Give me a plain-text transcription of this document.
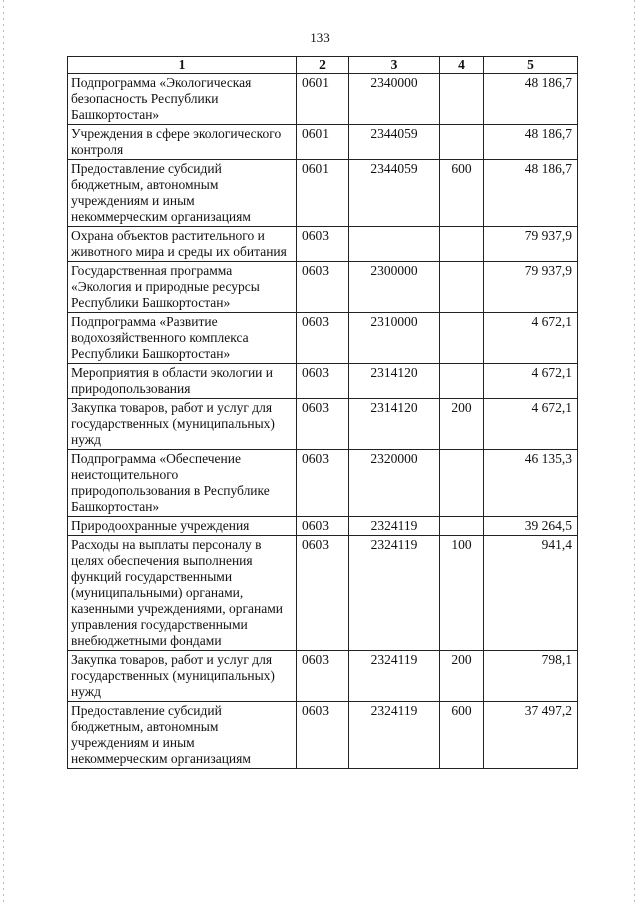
133
1	2	3	4	5
Подпрограмма «Экологическая безопасность Республики Башкортостан»	0601	2340000		48 186,7
Учреждения в сфере экологического контроля	0601	2344059		48 186,7
Предоставление субсидий бюджетным, автономным учреждениям и иным некоммерческим организациям	0601	2344059	600	48 186,7
Охрана объектов растительного и животного мира и среды их обитания	0603			79 937,9
Государственная программа «Экология и природные ресурсы Республики Башкортостан»	0603	2300000		79 937,9
Подпрограмма «Развитие водохозяйственного комплекса Республики Башкортостан»	0603	2310000		4 672,1
Мероприятия в области экологии и природопользования	0603	2314120		4 672,1
Закупка товаров, работ и услуг для государственных (муниципальных) нужд	0603	2314120	200	4 672,1
Подпрограмма «Обеспечение неистощительного природопользования в Республике Башкортостан»	0603	2320000		46 135,3
Природоохранные учреждения	0603	2324119		39 264,5
Расходы на выплаты персоналу в целях обеспечения выполнения функций государственными (муниципальными) органами, казенными учреждениями, органами управления государственными внебюджетными фондами	0603	2324119	100	941,4
Закупка товаров, работ и услуг для государственных (муниципальных) нужд	0603	2324119	200	798,1
Предоставление субсидий бюджетным, автономным учреждениям и иным некоммерческим организациям	0603	2324119	600	37 497,2
